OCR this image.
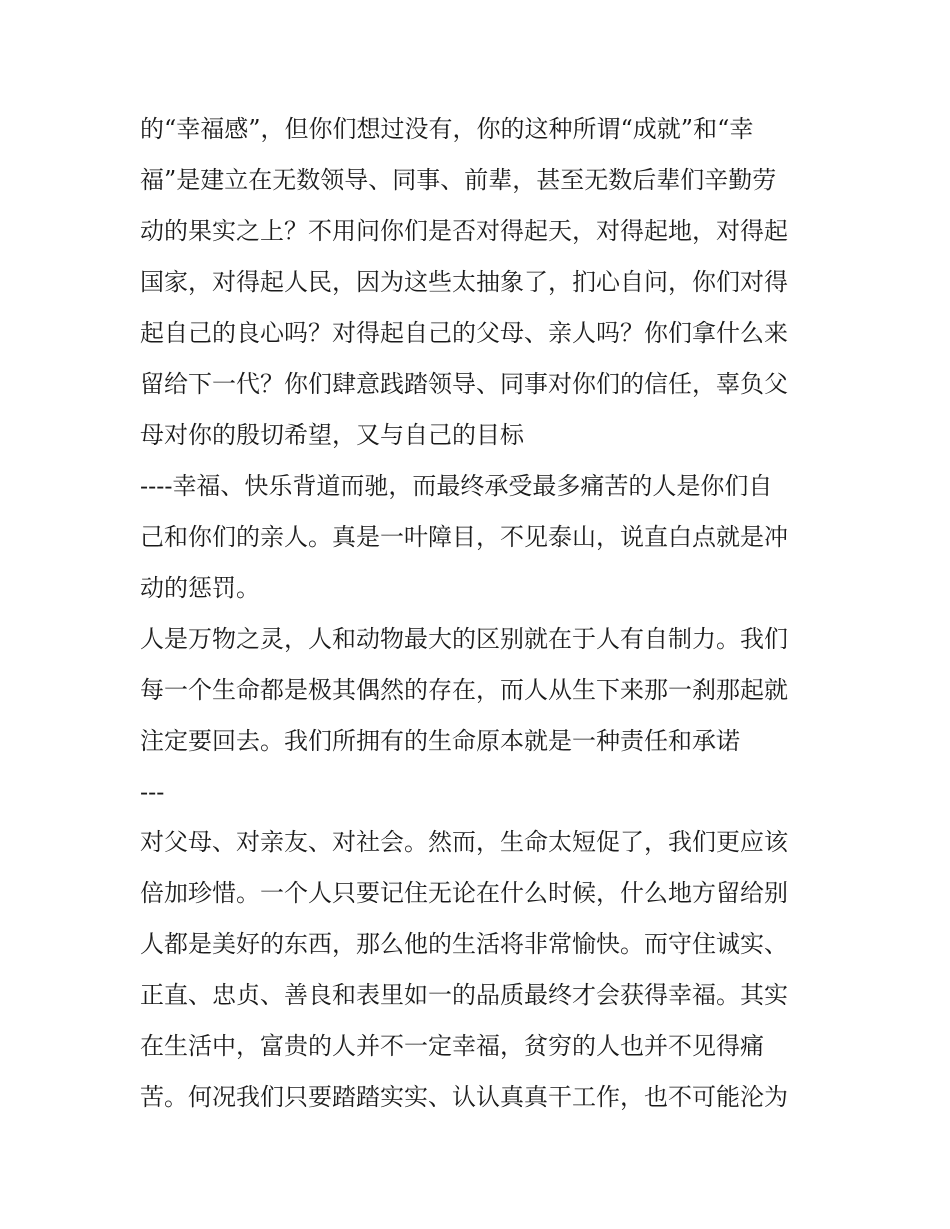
的“幸福感”，但你们想过没有，你的这种所谓“成就”和“幸
福”是建立在无数领导、同事、前辈，甚至无数后辈们辛勤劳
动的果实之上？不用问你们是否对得起天，对得起地，对得起
国家，对得起人民，因为这些太抽象了，扪心自问，你们对得
起自己的良心吗？对得起自己的父母、亲人吗？你们拿什么来
留给下一代？你们肆意践踏领导、同事对你们的信任，辜负父
母对你的殷切希望，又与自己的目标
----幸福、快乐背道而驰，而最终承受最多痛苦的人是你们自
己和你们的亲人。真是一叶障目，不见泰山，说直白点就是冲
动的惩罚。
人是万物之灵，人和动物最大的区别就在于人有自制力。我们
每一个生命都是极其偶然的存在，而人从生下来那一刹那起就
注定要回去。我们所拥有的生命原本就是一种责任和承诺
---
对父母、对亲友、对社会。然而，生命太短促了，我们更应该
倍加珍惜。一个人只要记住无论在什么时候，什么地方留给别
人都是美好的东西，那么他的生活将非常愉快。而守住诚实、
正直、忠贞、善良和表里如一的品质最终才会获得幸福。其实
在生活中，富贵的人并不一定幸福，贫穷的人也并不见得痛
苦。何况我们只要踏踏实实、认认真真干工作，也不可能沦为
